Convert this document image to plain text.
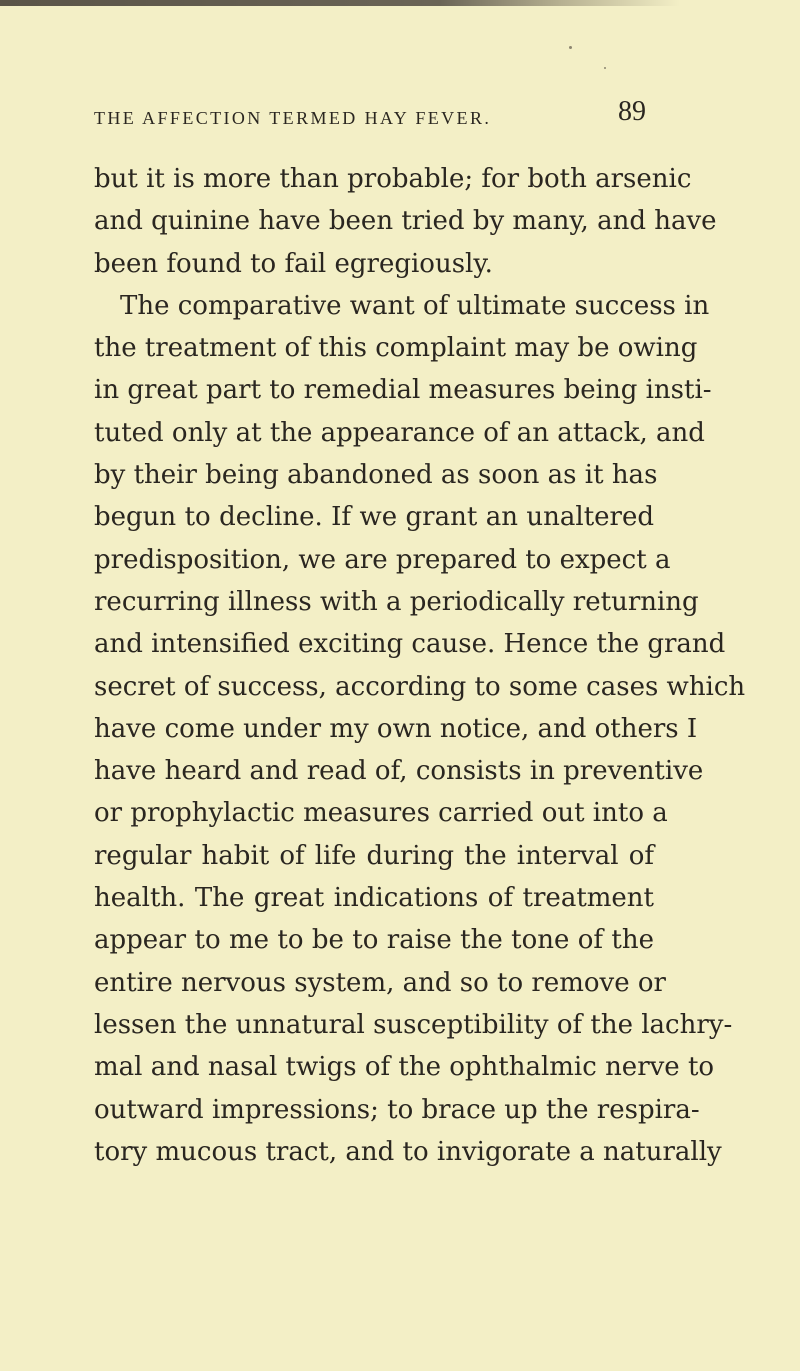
THE AFFECTION TERMED HAY FEVER.	89
but it is more than probable; for both arsenic
and quinine have been tried by many, and have
been found to fail egregiously.
The comparative want of ultimate success in
the treatment of this complaint may be owing
in great part to remedial measures being insti-
tuted only at the appearance of an attack, and
by their being abandoned as soon as it has
begun to decline. If we grant an unaltered
predisposition, we are prepared to expect a
recurring illness with a periodically returning
and intensified exciting cause. Hence the grand
secret of success, according to some cases which
have come under my own notice, and others I
have heard and read of, consists in preventive
or prophylactic measures carried out into a
regular habit of life during the interval of
health. The great indications of treatment
appear to me to be to raise the tone of the
entire nervous system, and so to remove or
lessen the unnatural susceptibility of the lachry-
mal and nasal twigs of the ophthalmic nerve to
outward impressions; to brace up the respira-
tory mucous tract, and to invigorate a naturally
